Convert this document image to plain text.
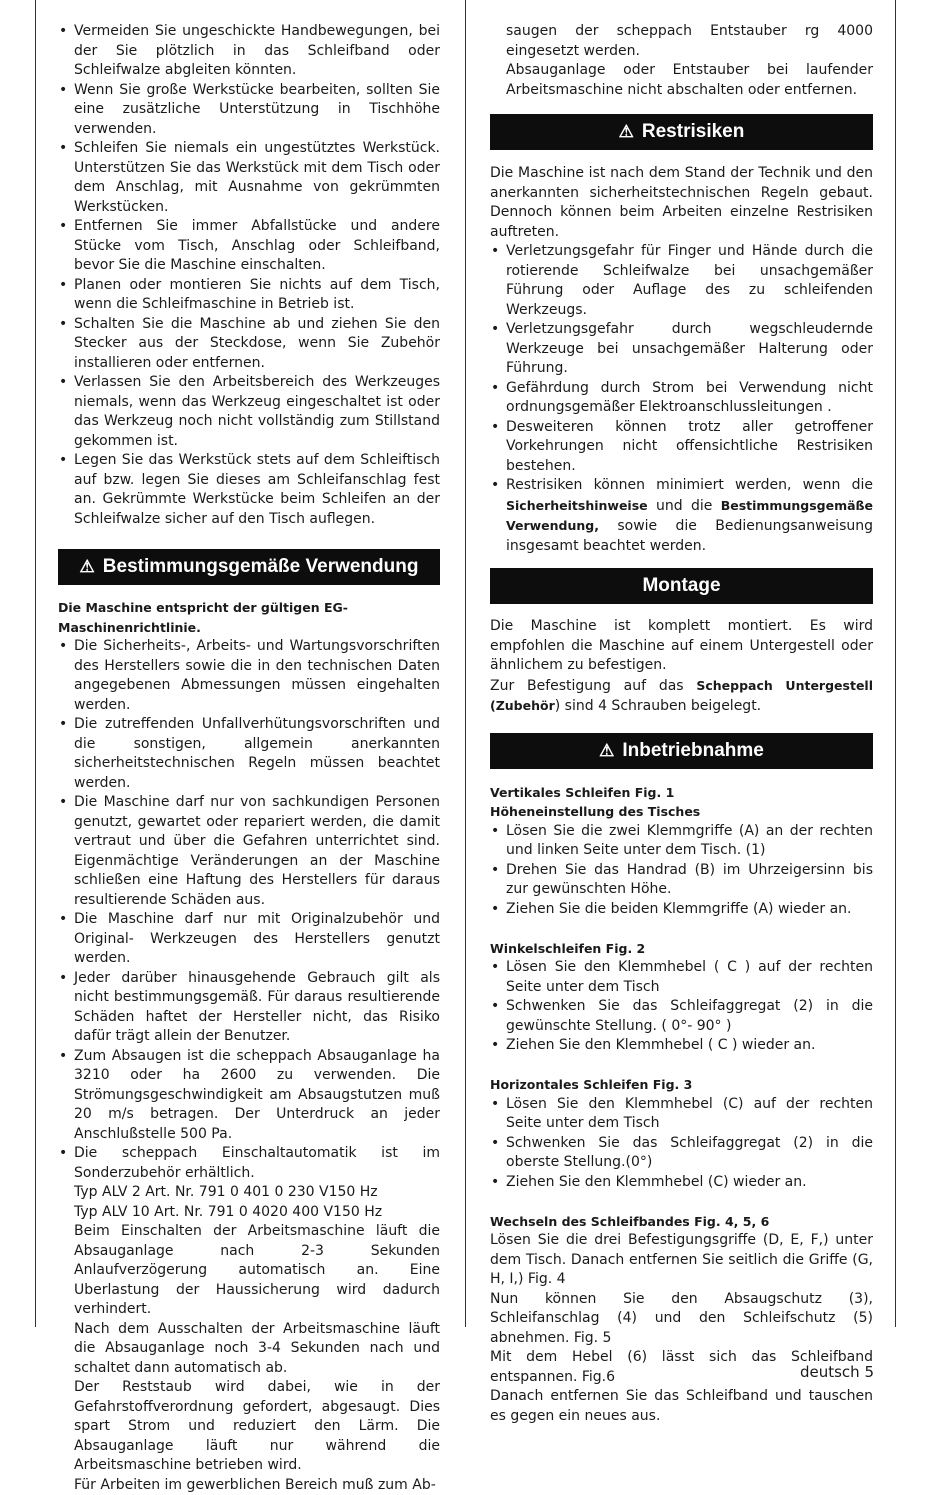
• Vermeiden Sie ungeschickte Handbewegungen, bei der Sie plötzlich in das Schleifband oder Schleifwalze abgleiten könnten.
• Wenn Sie große Werkstücke bearbeiten, sollten Sie eine zusätzliche Unterstützung in Tischhöhe verwenden.
• Schleifen Sie niemals ein ungestütztes Werkstück. Unterstützen Sie das Werkstück mit dem Tisch oder dem Anschlag, mit Ausnahme von gekrümmten Werkstücken.
• Entfernen Sie immer Abfallstücke und andere Stücke vom Tisch, Anschlag oder Schleifband, bevor Sie die Maschine einschalten.
• Planen oder montieren Sie nichts auf dem Tisch, wenn die Schleifmaschine in Betrieb ist.
• Schalten Sie die Maschine ab und ziehen Sie den Stecker aus der Steckdose, wenn Sie Zubehör installieren oder entfernen.
• Verlassen Sie den Arbeitsbereich des Werkzeuges niemals, wenn das Werkzeug eingeschaltet ist oder das Werkzeug noch nicht vollständig zum Stillstand gekommen ist.
• Legen Sie das Werkstück stets auf dem Schleiftisch auf bzw. legen Sie dieses am Schleifanschlag fest an. Gekrümmte Werkstücke beim Schleifen an der Schleifwalze sicher auf den Tisch auflegen.
⚠ Bestimmungsgemäße Verwendung
Die Maschine entspricht der gültigen EG-Maschinenrichtlinie.
• Die Sicherheits-, Arbeits- und Wartungsvorschriften des Herstellers sowie die in den technischen Daten angegebenen Abmessungen müssen eingehalten werden.
• Die zutreffenden Unfallverhütungsvorschriften und die sonstigen, allgemein anerkannten sicherheitstechnischen Regeln müssen beachtet werden.
• Die Maschine darf nur von sachkundigen Personen genutzt, gewartet oder repariert werden, die damit vertraut und über die Gefahren unterrichtet sind. Eigenmächtige Veränderungen an der Maschine schließen eine Haftung des Herstellers für daraus resultierende Schäden aus.
• Die Maschine darf nur mit Originalzubehör und Original- Werkzeugen des Herstellers genutzt werden.
• Jeder darüber hinausgehende Gebrauch gilt als nicht bestimmungsgemäß. Für daraus resultierende Schäden haftet der Hersteller nicht, das Risiko dafür trägt allein der Benutzer.
• Zum Absaugen ist die scheppach Absauganlage ha 3210 oder ha 2600 zu verwenden. Die Strömungsgeschwindigkeit am Absaugstutzen muß 20 m/s betragen. Der Unterdruck an jeder Anschlußstelle 500 Pa.
• Die scheppach Einschaltautomatik ist im Sonderzubehör erhältlich.
Typ ALV 2 Art. Nr. 791 0 401 0 230 V150 Hz
Typ ALV 10 Art. Nr. 791 0 4020 400 V150 Hz
Beim Einschalten der Arbeitsmaschine läuft die Absauganlage nach 2-3 Sekunden Anlaufverzögerung automatisch an. Eine Uberlastung der Haussicherung wird dadurch verhindert.
Nach dem Ausschalten der Arbeitsmaschine läuft die Absauganlage noch 3-4 Sekunden nach und schaltet dann automatisch ab.
Der Reststaub wird dabei, wie in der Gefahrstoffverordnung gefordert, abgesaugt. Dies spart Strom und reduziert den Lärm. Die Absauganlage läuft nur während die Arbeitsmaschine betrieben wird.
Für Arbeiten im gewerblichen Bereich muß zum Ab-

saugen der scheppach Entstauber rg 4000 eingesetzt werden.

Absauganlage oder Entstauber bei laufender Arbeitsmaschine nicht abschalten oder entfernen.

⚠ Restrisiken

Die Maschine ist nach dem Stand der Technik und den anerkannten sicherheitstechnischen Regeln gebaut. Dennoch können beim Arbeiten einzelne Restrisiken auftreten.

• Verletzungsgefahr für Finger und Hände durch die rotierende Schleifwalze bei unsachgemäßer Führung oder Auflage des zu schleifenden Werkzeugs.
• Verletzungsgefahr durch wegschleudernde Werkzeuge bei unsachgemäßer Halterung oder Führung.
• Gefährdung durch Strom bei Verwendung nicht ordnungsgemäßer Elektroanschlussleitungen .
• Desweiteren können trotz aller getroffener Vorkehrungen nicht offensichtliche Restrisiken bestehen.
• Restrisiken können minimiert werden, wenn die Sicherheitshinweise und die Bestimmungsgemäße Verwendung, sowie die Bedienungsanweisung insgesamt beachtet werden.
Montage

Die Maschine ist komplett montiert. Es wird empfohlen die Maschine auf einem Untergestell oder ähnlichem zu befestigen.

Zur Befestigung auf das Scheppach Untergestell (Zubehör) sind 4 Schrauben beigelegt.

⚠ Inbetriebnahme
Vertikales Schleifen Fig. 1
Höheneinstellung des Tisches
• Lösen Sie die zwei Klemmgriffe (A) an der rechten und linken Seite unter dem Tisch. (1)
• Drehen Sie das Handrad (B) im Uhrzeigersinn bis zur gewünschten Höhe.
• Ziehen Sie die beiden Klemmgriffe (A) wieder an.
Winkelschleifen Fig. 2
• Lösen Sie den Klemmhebel ( C ) auf der rechten Seite unter dem Tisch
• Schwenken Sie das Schleifaggregat (2) in die gewünschte Stellung. ( 0°- 90° )
• Ziehen Sie den Klemmhebel ( C ) wieder an.
Horizontales Schleifen Fig. 3
• Lösen Sie den Klemmhebel (C) auf der rechten Seite unter dem Tisch
• Schwenken Sie das Schleifaggregat (2) in die oberste Stellung.(0°)
• Ziehen Sie den Klemmhebel (C) wieder an.
Wechseln des Schleifbandes Fig. 4, 5, 6

Lösen Sie die drei Befestigungsgriffe (D, E, F,) unter dem Tisch. Danach entfernen Sie seitlich die Griffe (G, H, I,) Fig. 4

Nun können Sie den Absaugschutz (3), Schleifanschlag (4) und den Schleifschutz (5) abnehmen. Fig. 5

Mit dem Hebel (6) lässt sich das Schleifband entspannen. Fig.6

Danach entfernen Sie das Schleifband und tauschen es gegen ein neues aus.

deutsch 5
